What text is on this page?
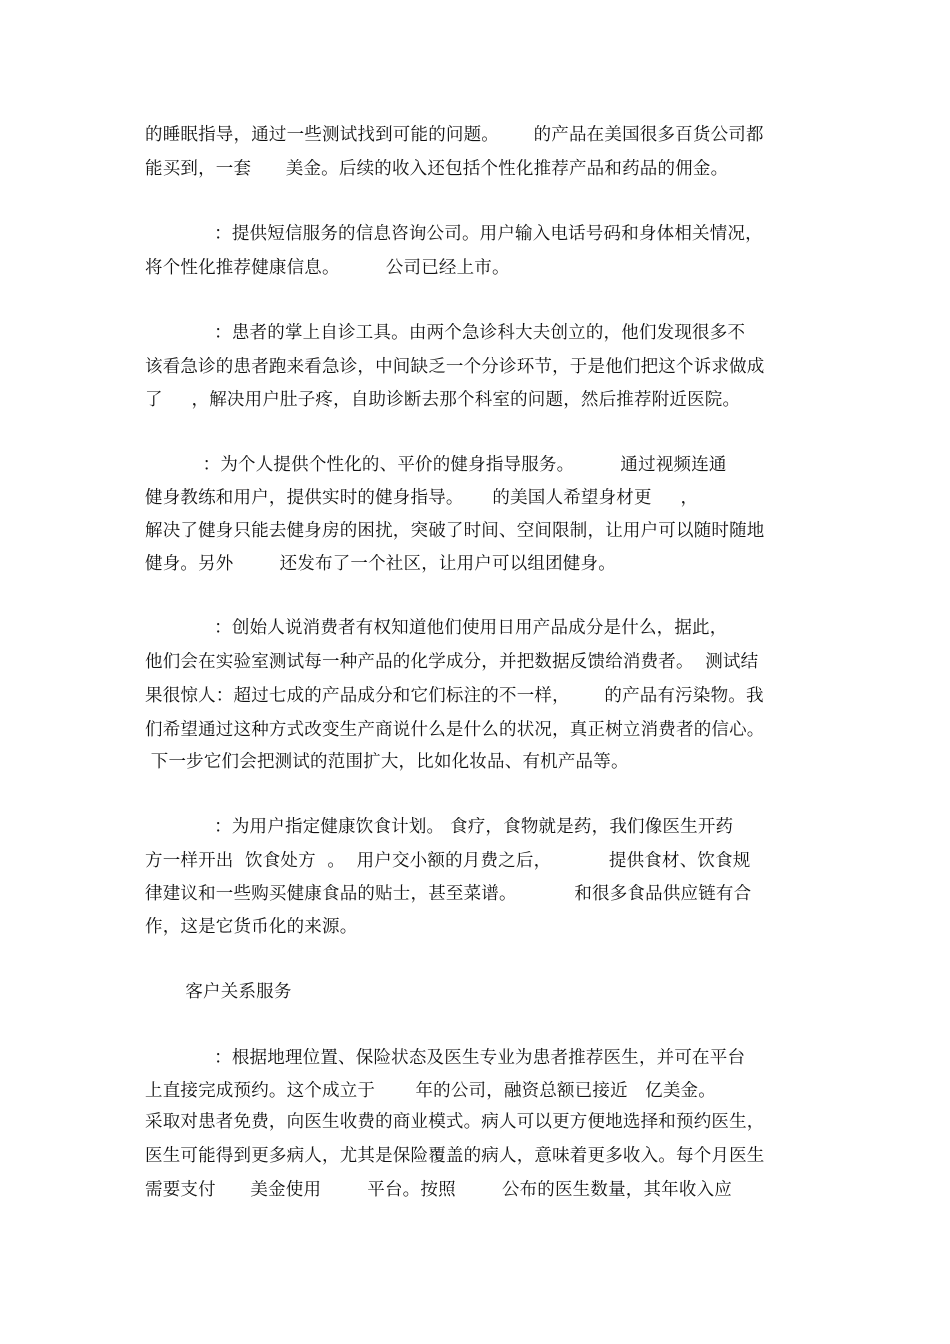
的睡眠指导，通过一些测试找到可能的问题。      的产品在美国很多百货公司都
能买到，一套      美金。后续的收入还包括个性化推荐产品和药品的佣金。
：提供短信服务的信息咨询公司。用户输入电话号码和身体相关情况，
将个性化推荐健康信息。        公司已经上市。
：患者的掌上自诊工具。由两个急诊科大夫创立的，他们发现很多不
该看急诊的患者跑来看急诊，中间缺乏一个分诊环节，于是他们把这个诉求做成
了     ，解决用户肚子疼，自助诊断去那个科室的问题，然后推荐附近医院。
：为个人提供个性化的、平价的健身指导服务。        通过视频连通
健身教练和用户，提供实时的健身指导。     的美国人希望身材更     ，
解决了健身只能去健身房的困扰，突破了时间、空间限制，让用户可以随时随地
健身。另外        还发布了一个社区，让用户可以组团健身。
：创始人说消费者有权知道他们使用日用产品成分是什么，据此，
他们会在实验室测试每一种产品的化学成分，并把数据反馈给消费者。  测试结
果很惊人：超过七成的产品成分和它们标注的不一样，      的产品有污染物。我
们希望通过这种方式改变生产商说什么是什么的状况，真正树立消费者的信心。
下一步它们会把测试的范围扩大，比如化妆品、有机产品等。
：为用户指定健康饮食计划。 食疗，食物就是药，我们像医生开药
方一样开出  饮食处方  。  用户交小额的月费之后，          提供食材、饮食规
律建议和一些购买健康食品的贴士，甚至菜谱。          和很多食品供应链有合
作，这是它货币化的来源。
客户关系服务
：根据地理位置、保险状态及医生专业为患者推荐医生，并可在平台
上直接完成预约。这个成立于       年的公司，融资总额已接近   亿美金。
采取对患者免费，向医生收费的商业模式。病人可以更方便地选择和预约医生，
医生可能得到更多病人，尤其是保险覆盖的病人，意味着更多收入。每个月医生
需要支付      美金使用        平台。按照        公布的医生数量，其年收入应
